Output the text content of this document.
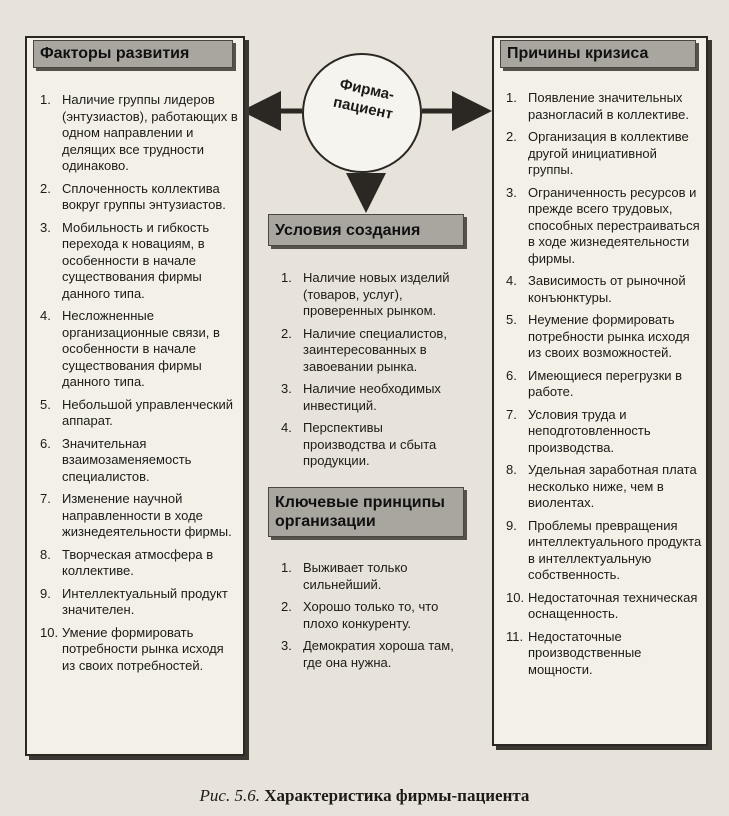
Факторы развития
1. Наличие группы лидеров (энтузиастов), работающих в одном направлении и делящих все трудности одинаково.
2. Сплоченность коллектива вокруг группы энтузиастов.
3. Мобильность и гибкость перехода к новациям, в особенности в начале существования фирмы данного типа.
4. Несложненные организационные связи, в особенности в начале существования фирмы данного типа.
5. Небольшой управленческий аппарат.
6. Значительная взаимозаменяемость специалистов.
7. Изменение научной направленности в ходе жизнедеятельности фирмы.
8. Творческая атмосфера в коллективе.
9. Интеллектуальный продукт значителен.
10. Умение формировать потребности рынка исходя из своих потребностей.
Причины кризиса
1. Появление значительных разногласий в коллективе.
2. Организация в коллективе другой инициативной группы.
3. Ограниченность ресурсов и прежде всего трудовых, способных перестраиваться в ходе жизнедеятельности фирмы.
4. Зависимость от рыночной конъюнктуры.
5. Неумение формировать потребности рынка исходя из своих возможностей.
6. Имеющиеся перегрузки в работе.
7. Условия труда и неподготовленность производства.
8. Удельная заработная плата несколько ниже, чем в виолентах.
9. Проблемы превращения интеллектуального продукта в интеллектуальную собственность.
10. Недостаточная техническая оснащенность.
11. Недостаточные производственные мощности.
Фирма-
пациент
Условия создания
1. Наличие новых изделий (товаров, услуг), проверенных рынком.
2. Наличие специалистов, заинтересованных в завоевании рынка.
3. Наличие необходимых инвестиций.
4. Перспективы производства и сбыта продукции.
Ключевые принципы организации
1. Выживает только сильнейший.
2. Хорошо только то, что плохо конкуренту.
3. Демократия хороша там, где она нужна.
Рис. 5.6. Характеристика фирмы-пациента
